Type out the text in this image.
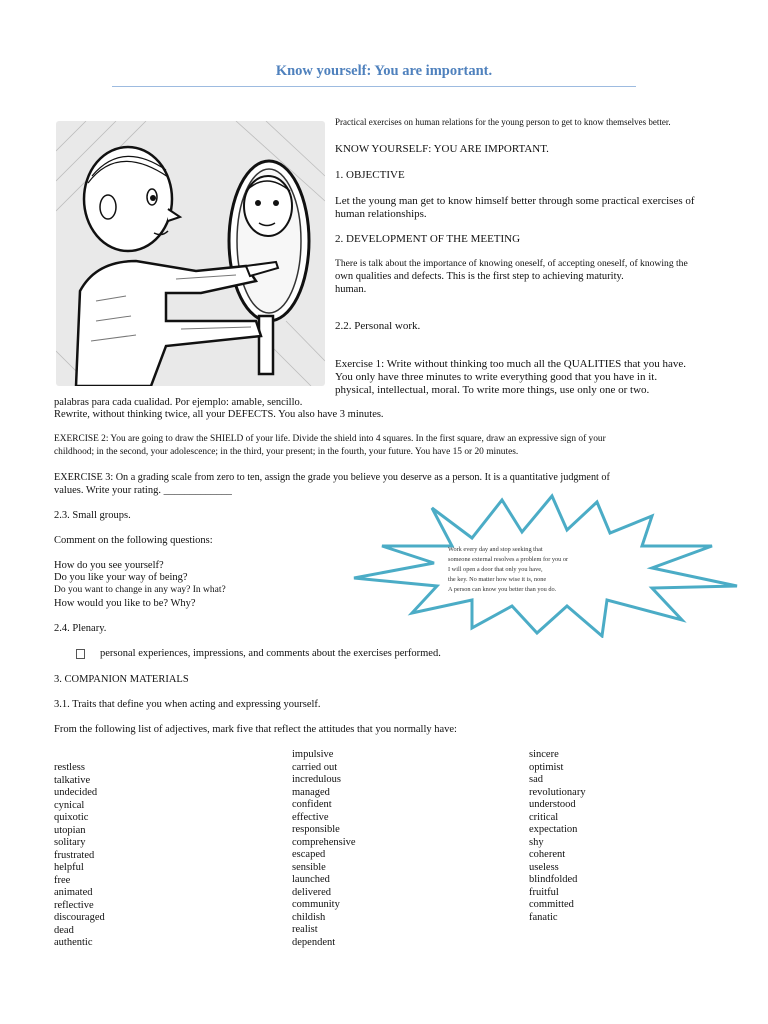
Know yourself: You are important.
Practical exercises on human relations for the young person to get to know themselves better.
KNOW YOURSELF: YOU ARE IMPORTANT.
1. OBJECTIVE
Let the young man get to know himself better through some practical exercises of
human relationships.
2. DEVELOPMENT OF THE MEETING
There is talk about the importance of knowing oneself, of accepting oneself, of knowing the
own qualities and defects. This is the first step to achieving maturity.
human.
2.2. Personal work.
Exercise 1: Write without thinking too much all the QUALITIES that you have.
You only have three minutes to write everything good that you have in it.
physical, intellectual, moral. To write more things, use only one or two.
palabras para cada cualidad. Por ejemplo: amable, sencillo.
Rewrite, without thinking twice, all your DEFECTS. You also have 3 minutes.
EXERCISE 2: You are going to draw the SHIELD of your life. Divide the shield into 4 squares. In the first square, draw an expressive sign of your
childhood; in the second, your adolescence; in the third, your present; in the fourth, your future. You have 15 or 20 minutes.
EXERCISE 3: On a grading scale from zero to ten, assign the grade you believe you deserve as a person. It is a quantitative judgment of
values. Write your rating. _____________
2.3. Small groups.
Comment on the following questions:
How do you see yourself?
Do you like your way of being?
Do you want to change in any way? In what?
How would you like to be? Why?
Work every day and stop seeking that
someone external resolves a problem for you or
I will open a door that only you have,
the key. No matter how wise it is, none
A person can know you better than you do.
2.4. Plenary.
personal experiences, impressions, and comments about the exercises performed.
3. COMPANION MATERIALS
3.1. Traits that define you when acting and expressing yourself.
From the following list of adjectives, mark five that reflect the attitudes that you normally have:
restless
talkative
undecided
cynical
quixotic
utopian
solitary
frustrated
helpful
free
animated
reflective
discouraged
dead
authentic
impulsive
carried out
incredulous
managed
confident
effective
responsible
comprehensive
escaped
sensible
launched
delivered
community
childish
realist
dependent
sincere
optimist
sad
revolutionary
understood
critical
expectation
shy
coherent
useless
blindfolded
fruitful
committed
fanatic
